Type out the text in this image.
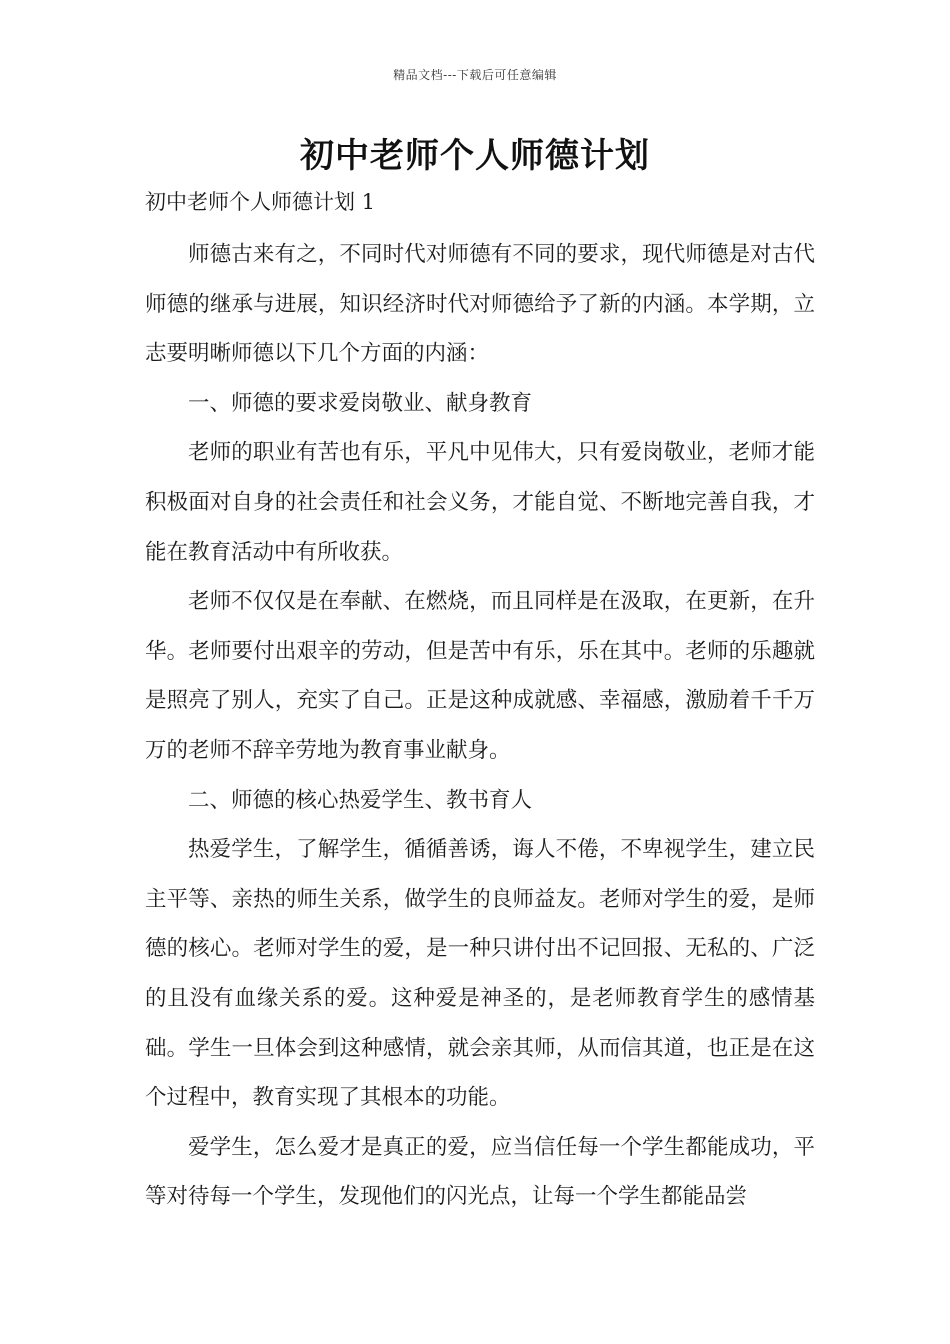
精品文档---下载后可任意编辑
初中老师个人师德计划
初中老师个人师德计划 1

师德古来有之，不同时代对师德有不同的要求，现代师德是对古代师德的继承与进展，知识经济时代对师德给予了新的内涵。本学期，立志要明晰师德以下几个方面的内涵：

一、师德的要求爱岗敬业、献身教育

老师的职业有苦也有乐，平凡中见伟大，只有爱岗敬业，老师才能积极面对自身的社会责任和社会义务，才能自觉、不断地完善自我，才能在教育活动中有所收获。

老师不仅仅是在奉献、在燃烧，而且同样是在汲取，在更新，在升华。老师要付出艰辛的劳动，但是苦中有乐，乐在其中。老师的乐趣就是照亮了别人，充实了自己。正是这种成就感、幸福感，激励着千千万万的老师不辞辛劳地为教育事业献身。

二、师德的核心热爱学生、教书育人

热爱学生，了解学生，循循善诱，诲人不倦，不卑视学生，建立民主平等、亲热的师生关系，做学生的良师益友。老师对学生的爱，是师德的核心。老师对学生的爱，是一种只讲付出不记回报、无私的、广泛的且没有血缘关系的爱。这种爱是神圣的，是老师教育学生的感情基础。学生一旦体会到这种感情，就会亲其师，从而信其道，也正是在这个过程中，教育实现了其根本的功能。

爱学生，怎么爱才是真正的爱，应当信任每一个学生都能成功，平等对待每一个学生，发现他们的闪光点，让每一个学生都能品尝
